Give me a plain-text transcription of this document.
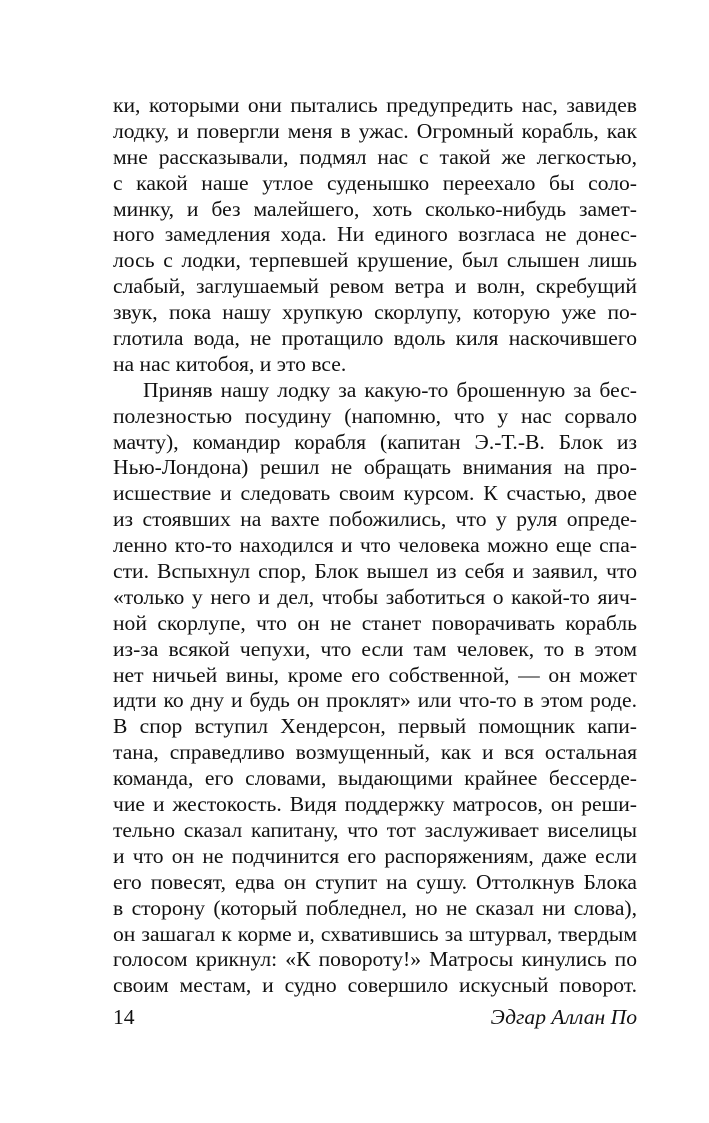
ки, которыми они пытались предупредить нас, завидев
лодку, и повергли меня в ужас. Огромный корабль, как
мне рассказывали, подмял нас с такой же легкостью,
с какой наше утлое суденышко переехало бы соло-
минку, и без малейшего, хоть сколько-нибудь замет-
ного замедления хода. Ни единого возгласа не донес-
лось с лодки, терпевшей крушение, был слышен лишь
слабый, заглушаемый ревом ветра и волн, скребущий
звук, пока нашу хрупкую скорлупу, которую уже по-
глотила вода, не протащило вдоль киля наскочившего
на нас китобоя, и это все.
Приняв нашу лодку за какую-то брошенную за бес-
полезностью посудину (напомню, что у нас сорвало
мачту), командир корабля (капитан Э.-Т.-В. Блок из
Нью-Лондона) решил не обращать внимания на про-
исшествие и следовать своим курсом. К счастью, двое
из стоявших на вахте побожились, что у руля опреде-
ленно кто-то находился и что человека можно еще спа-
сти. Вспыхнул спор, Блок вышел из себя и заявил, что
«только у него и дел, чтобы заботиться о какой-то яич-
ной скорлупе, что он не станет поворачивать корабль
из-за всякой чепухи, что если там человек, то в этом
нет ничьей вины, кроме его собственной, — он может
идти ко дну и будь он проклят» или что-то в этом роде.
В спор вступил Хендерсон, первый помощник капи-
тана, справедливо возмущенный, как и вся остальная
команда, его словами, выдающими крайнее бессерде-
чие и жестокость. Видя поддержку матросов, он реши-
тельно сказал капитану, что тот заслуживает виселицы
и что он не подчинится его распоряжениям, даже если
его повесят, едва он ступит на сушу. Оттолкнув Блока
в сторону (который побледнел, но не сказал ни слова),
он зашагал к корме и, схватившись за штурвал, твердым
голосом крикнул: «К повороту!» Матросы кинулись по
своим местам, и судно совершило искусный поворот.
14	Эдгар Аллан По
